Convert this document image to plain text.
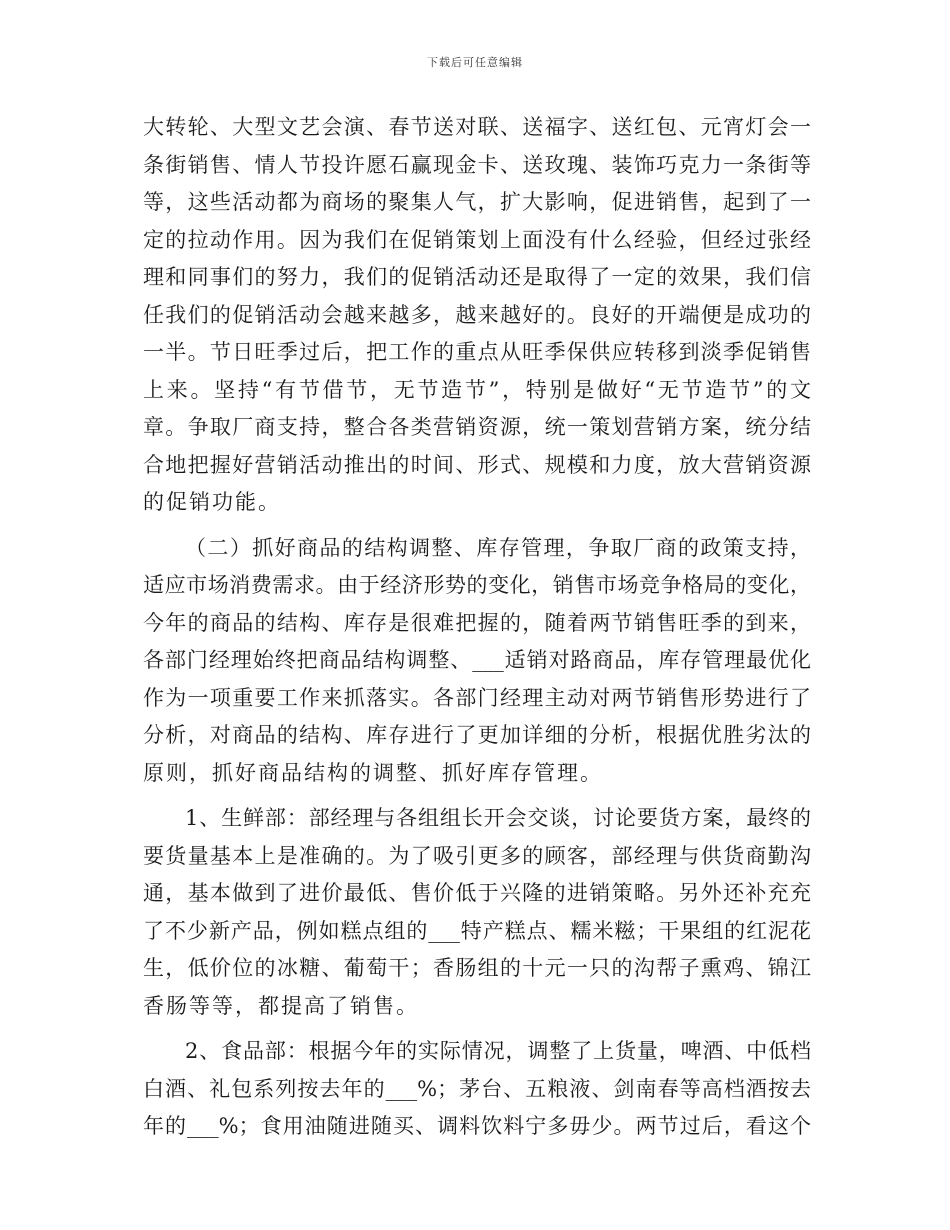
下载后可任意编辑
大转轮、大型文艺会演、春节送对联、送福字、送红包、元宵灯会一
条街销售、情人节投许愿石赢现金卡、送玫瑰、装饰巧克力一条街等
等，这些活动都为商场的聚集人气，扩大影响，促进销售，起到了一
定的拉动作用。因为我们在促销策划上面没有什么经验，但经过张经
理和同事们的努力，我们的促销活动还是取得了一定的效果，我们信
任我们的促销活动会越来越多，越来越好的。良好的开端便是成功的
一半。节日旺季过后，把工作的重点从旺季保供应转移到淡季促销售
上来。坚持“有节借节，无节造节”，特别是做好“无节造节”的文
章。争取厂商支持，整合各类营销资源，统一策划营销方案，统分结
合地把握好营销活动推出的时间、形式、规模和力度，放大营销资源
的促销功能。
（二）抓好商品的结构调整、库存管理，争取厂商的政策支持，
适应市场消费需求。由于经济形势的变化，销售市场竞争格局的变化，
今年的商品的结构、库存是很难把握的，随着两节销售旺季的到来，
各部门经理始终把商品结构调整、___适销对路商品，库存管理最优化
作为一项重要工作来抓落实。各部门经理主动对两节销售形势进行了
分析，对商品的结构、库存进行了更加详细的分析，根据优胜劣汰的
原则，抓好商品结构的调整、抓好库存管理。
1、生鲜部：部经理与各组组长开会交谈，讨论要货方案，最终的
要货量基本上是准确的。为了吸引更多的顾客，部经理与供货商勤沟
通，基本做到了进价最低、售价低于兴隆的进销策略。另外还补充充
了不少新产品，例如糕点组的___特产糕点、糯米糍；干果组的红泥花
生，低价位的冰糖、葡萄干；香肠组的十元一只的沟帮子熏鸡、锦江
香肠等等，都提高了销售。
2、食品部：根据今年的实际情况，调整了上货量，啤酒、中低档
白酒、礼包系列按去年的___%；茅台、五粮液、剑南春等高档酒按去
年的___%；食用油随进随买、调料饮料宁多毋少。两节过后，看这个
